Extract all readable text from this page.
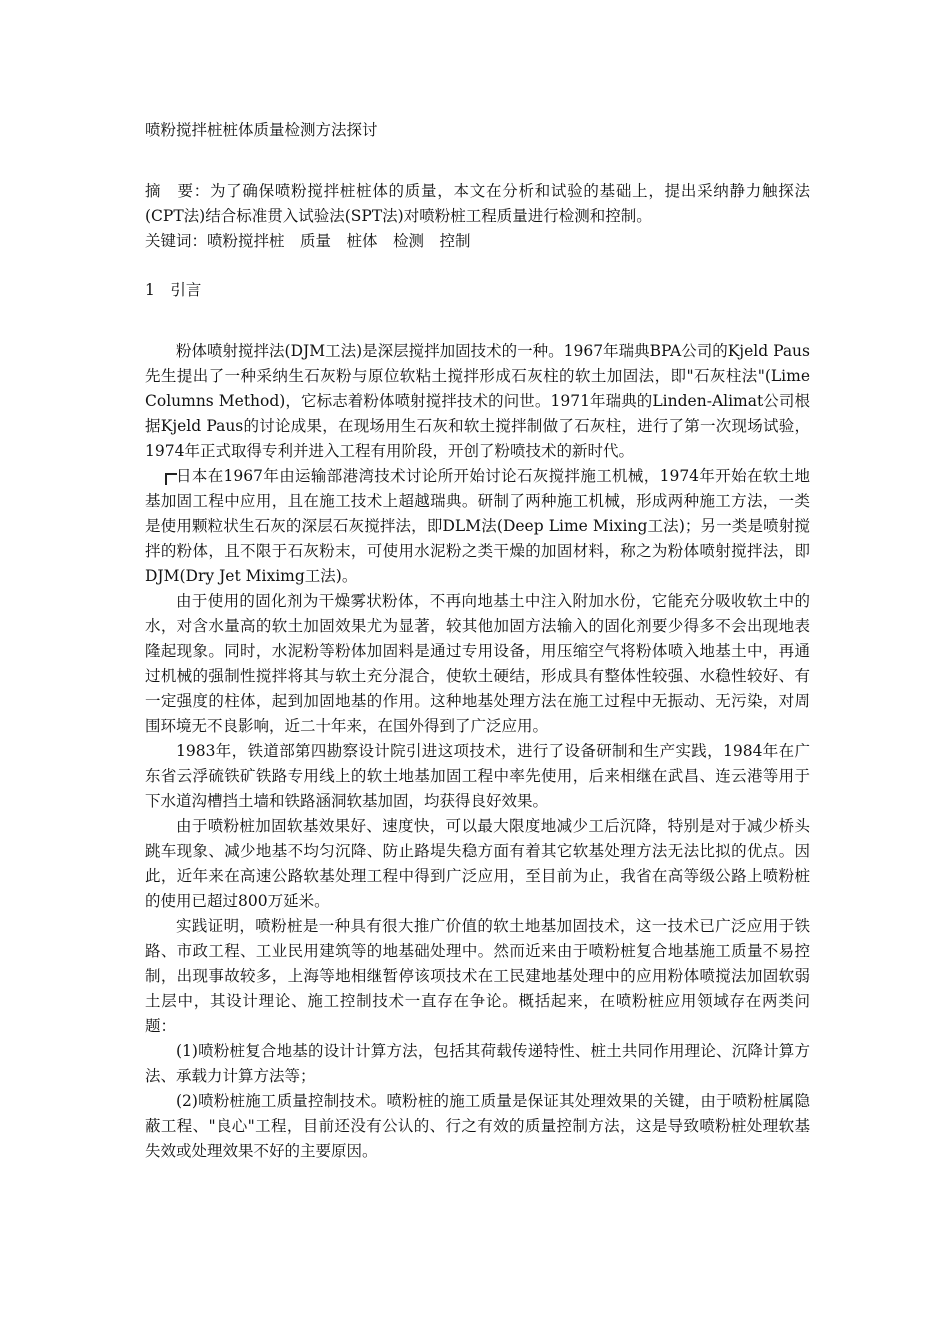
喷粉搅拌桩桩体质量检测方法探讨

摘　要：为了确保喷粉搅拌桩桩体的质量，本文在分析和试验的基础上，提出采纳静力触探法(CPT法)结合标准贯入试验法(SPT法)对喷粉桩工程质量进行检测和控制。

关键词：喷粉搅拌桩　质量　桩体　检测　控制

1　引言

粉体喷射搅拌法(DJM工法)是深层搅拌加固技术的一种。1967年瑞典BPA公司的Kjeld Paus先生提出了一种采纳生石灰粉与原位软粘土搅拌形成石灰柱的软土加固法，即"石灰柱法"(Lime Columns Method)，它标志着粉体喷射搅拌技术的问世。1971年瑞典的Linden-Alimat公司根据Kjeld Paus的讨论成果，在现场用生石灰和软土搅拌制做了石灰柱，进行了第一次现场试验，1974年正式取得专利并进入工程有用阶段，开创了粉喷技术的新时代。

日本在1967年由运输部港湾技术讨论所开始讨论石灰搅拌施工机械，1974年开始在软土地基加固工程中应用，且在施工技术上超越瑞典。研制了两种施工机械，形成两种施工方法，一类是使用颗粒状生石灰的深层石灰搅拌法，即DLM法(Deep Lime Mixing工法)；另一类是喷射搅拌的粉体，且不限于石灰粉末，可使用水泥粉之类干燥的加固材料，称之为粉体喷射搅拌法，即DJM(Dry Jet Miximg工法)。

由于使用的固化剂为干燥雾状粉体，不再向地基土中注入附加水份，它能充分吸收软土中的水，对含水量高的软土加固效果尤为显著，较其他加固方法输入的固化剂要少得多不会出现地表隆起现象。同时，水泥粉等粉体加固料是通过专用设备，用压缩空气将粉体喷入地基土中，再通过机械的强制性搅拌将其与软土充分混合，使软土硬结，形成具有整体性较强、水稳性较好、有一定强度的柱体，起到加固地基的作用。这种地基处理方法在施工过程中无振动、无污染，对周围环境无不良影响，近二十年来，在国外得到了广泛应用。

1983年，铁道部第四勘察设计院引进这项技术，进行了设备研制和生产实践，1984年在广东省云浮硫铁矿铁路专用线上的软土地基加固工程中率先使用，后来相继在武昌、连云港等用于下水道沟槽挡土墙和铁路涵洞软基加固，均获得良好效果。

由于喷粉桩加固软基效果好、速度快，可以最大限度地减少工后沉降，特别是对于减少桥头跳车现象、减少地基不均匀沉降、防止路堤失稳方面有着其它软基处理方法无法比拟的优点。因此，近年来在高速公路软基处理工程中得到广泛应用，至目前为止，我省在高等级公路上喷粉桩的使用已超过800万延米。

实践证明，喷粉桩是一种具有很大推广价值的软土地基加固技术，这一技术已广泛应用于铁路、市政工程、工业民用建筑等的地基础处理中。然而近来由于喷粉桩复合地基施工质量不易控制，出现事故较多，上海等地相继暂停该项技术在工民建地基处理中的应用粉体喷搅法加固软弱土层中，其设计理论、施工控制技术一直存在争论。概括起来，在喷粉桩应用领域存在两类问题：

(1)喷粉桩复合地基的设计计算方法，包括其荷载传递特性、桩土共同作用理论、沉降计算方法、承载力计算方法等；

(2)喷粉桩施工质量控制技术。喷粉桩的施工质量是保证其处理效果的关键，由于喷粉桩属隐蔽工程、"良心"工程，目前还没有公认的、行之有效的质量控制方法，这是导致喷粉桩处理软基失效或处理效果不好的主要原因。
